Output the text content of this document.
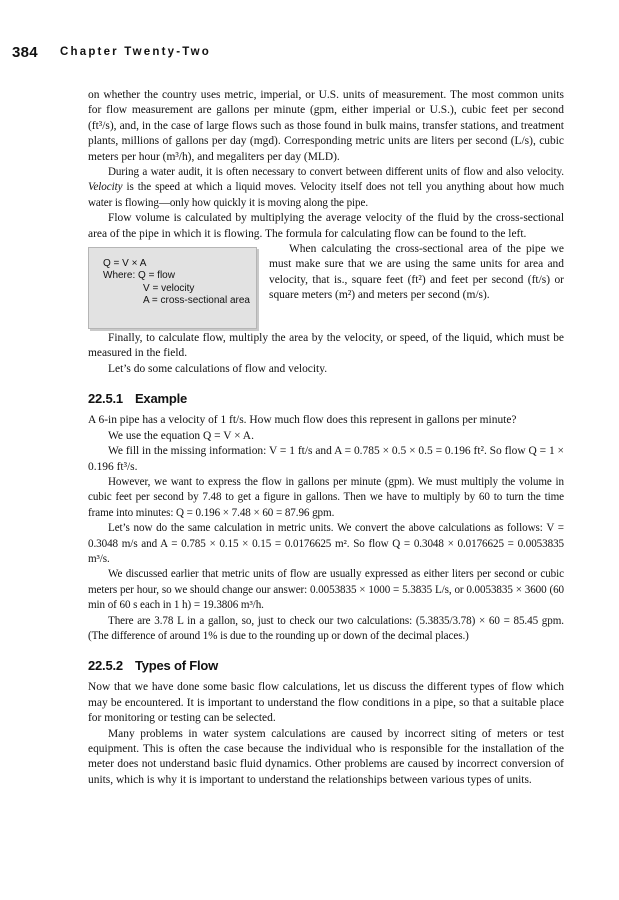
384 Chapter Twenty-Two

on whether the country uses metric, imperial, or U.S. units of measurement. The most common units for flow measurement are gallons per minute (gpm, either imperial or U.S.), cubic feet per second (ft³/s), and, in the case of large flows such as those found in bulk mains, transfer stations, and treatment plants, millions of gallons per day (mgd). Corresponding metric units are liters per second (L/s), cubic meters per hour (m³/h), and megaliters per day (MLD).

During a water audit, it is often necessary to convert between different units of flow and also velocity. Velocity is the speed at which a liquid moves. Velocity itself does not tell you anything about how much water is flowing—only how quickly it is moving along the pipe.

Flow volume is calculated by multiplying the average velocity of the fluid by the cross-sectional area of the pipe in which it is flowing. The formula for calculating flow can be found to the left.

Q = V × A
Where: Q = flow
V = velocity
A = cross-sectional area

When calculating the cross-sectional area of the pipe we must make sure that we are using the same units for area and velocity, that is., square feet (ft²) and feet per second (ft/s) or square meters (m²) and meters per second (m/s).

Finally, to calculate flow, multiply the area by the velocity, or speed, of the liquid, which must be measured in the field.

Let’s do some calculations of flow and velocity.

22.5.1 Example

A 6-in pipe has a velocity of 1 ft/s. How much flow does this represent in gallons per minute?

We use the equation Q = V × A.

We fill in the missing information: V = 1 ft/s and A = 0.785 × 0.5 × 0.5 = 0.196 ft². So flow Q = 1 × 0.196 ft³/s.

However, we want to express the flow in gallons per minute (gpm). We must multiply the volume in cubic feet per second by 7.48 to get a figure in gallons. Then we have to multiply by 60 to turn the time frame into minutes: Q = 0.196 × 7.48 × 60 = 87.96 gpm.

Let’s now do the same calculation in metric units. We convert the above calculations as follows: V = 0.3048 m/s and A = 0.785 × 0.15 × 0.15 = 0.0176625 m². So flow Q = 0.3048 × 0.0176625 = 0.0053835 m³/s.

We discussed earlier that metric units of flow are usually expressed as either liters per second or cubic meters per hour, so we should change our answer: 0.0053835 × 1000 = 5.3835 L/s, or 0.0053835 × 3600 (60 min of 60 s each in 1 h) = 19.3806 m³/h.

There are 3.78 L in a gallon, so, just to check our two calculations: (5.3835/3.78) × 60 = 85.45 gpm. (The difference of around 1% is due to the rounding up or down of the decimal places.)

22.5.2 Types of Flow

Now that we have done some basic flow calculations, let us discuss the different types of flow which may be encountered. It is important to understand the flow conditions in a pipe, so that a suitable place for monitoring or testing can be selected.

Many problems in water system calculations are caused by incorrect siting of meters or test equipment. This is often the case because the individual who is responsible for the installation of the meter does not understand basic fluid dynamics. Other problems are caused by incorrect conversion of units, which is why it is important to understand the relationships between various types of units.
